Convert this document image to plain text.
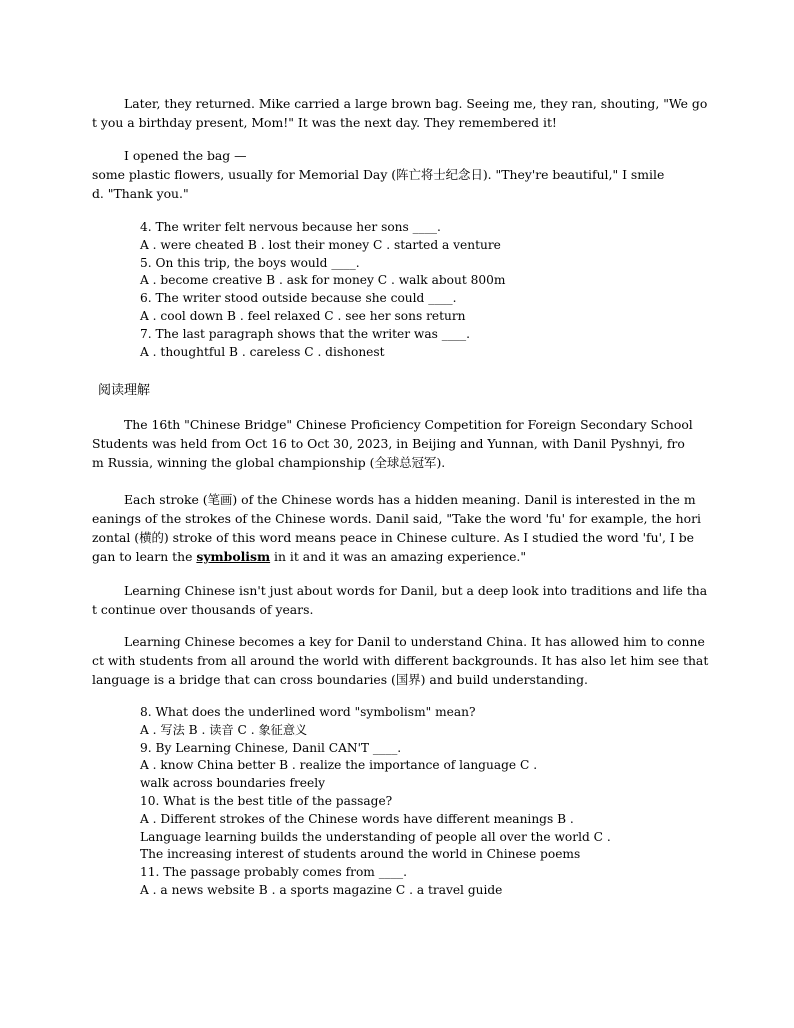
Later, they returned. Mike carried a large brown bag. Seeing me, they ran, shouting, "We go
t you a birthday present, Mom!" It was the next day. They remembered it!
I opened the bag —
some plastic flowers, usually for Memorial Day (阵亡将士纪念日). "They're beautiful," I smile
d. "Thank you."
4. The writer felt nervous because her sons ____.
A . were cheated B . lost their money C . started a venture
5. On this trip, the boys would ____.
A . become creative B . ask for money C . walk about 800m
6. The writer stood outside because she could ____.
A . cool down B . feel relaxed C . see her sons return
7. The last paragraph shows that the writer was ____.
A . thoughtful B . careless C . dishonest
阅读理解
The 16th "Chinese Bridge" Chinese Proficiency Competition for Foreign Secondary School
Students was held from Oct 16 to Oct 30, 2023, in Beijing and Yunnan, with Danil Pyshnyi, fro
m Russia, winning the global championship (全球总冠军).
Each stroke (笔画) of the Chinese words has a hidden meaning. Danil is interested in the m
eanings of the strokes of the Chinese words. Danil said, "Take the word 'fu' for example, the hori
zontal (横的) stroke of this word means peace in Chinese culture. As I studied the word 'fu', I be
gan to learn the symbolism in it and it was an amazing experience."
Learning Chinese isn't just about words for Danil, but a deep look into traditions and life tha
t continue over thousands of years.
Learning Chinese becomes a key for Danil to understand China. It has allowed him to conne
ct with students from all around the world with different backgrounds. It has also let him see that
language is a bridge that can cross boundaries (国界) and build understanding.
8. What does the underlined word "symbolism" mean?
A . 写法 B . 读音 C . 象征意义
9. By Learning Chinese, Danil CAN'T ____.
A . know China better B . realize the importance of language C .
walk across boundaries freely
10. What is the best title of the passage?
A . Different strokes of the Chinese words have different meanings B .
Language learning builds the understanding of people all over the world C .
The increasing interest of students around the world in Chinese poems
11. The passage probably comes from ____.
A . a news website B . a sports magazine C . a travel guide
